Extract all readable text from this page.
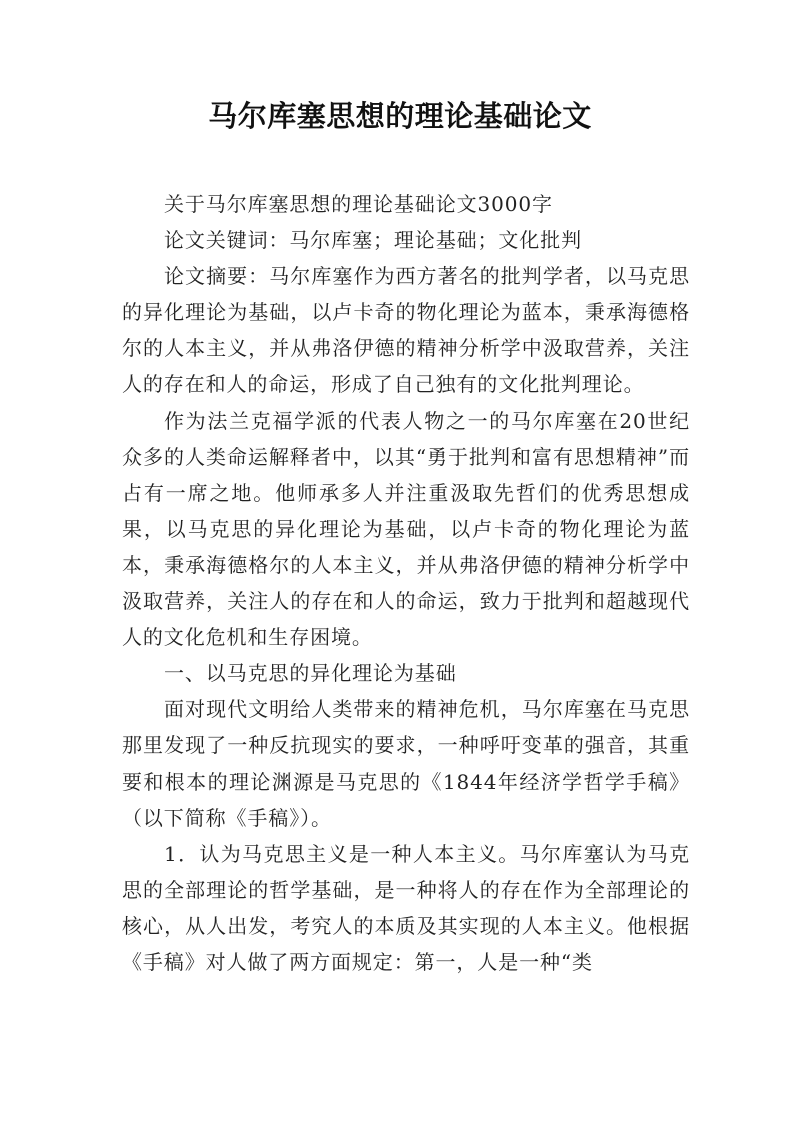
马尔库塞思想的理论基础论文

关于马尔库塞思想的理论基础论文3000字

论文关键词：马尔库塞；理论基础；文化批判

论文摘要：马尔库塞作为西方著名的批判学者，以马克思的异化理论为基础，以卢卡奇的物化理论为蓝本，秉承海德格尔的人本主义，并从弗洛伊德的精神分析学中汲取营养，关注人的存在和人的命运，形成了自己独有的文化批判理论。

作为法兰克福学派的代表人物之一的马尔库塞在20世纪众多的人类命运解释者中，以其“勇于批判和富有思想精神”而占有一席之地。他师承多人并注重汲取先哲们的优秀思想成果，以马克思的异化理论为基础，以卢卡奇的物化理论为蓝本，秉承海德格尔的人本主义，并从弗洛伊德的精神分析学中汲取营养，关注人的存在和人的命运，致力于批判和超越现代人的文化危机和生存困境。

一、以马克思的异化理论为基础

面对现代文明给人类带来的精神危机，马尔库塞在马克思那里发现了一种反抗现实的要求，一种呼吁变革的强音，其重要和根本的理论渊源是马克思的《1844年经济学哲学手稿》（以下简称《手稿》）。

1．认为马克思主义是一种人本主义。马尔库塞认为马克思的全部理论的哲学基础，是一种将人的存在作为全部理论的核心，从人出发，考究人的本质及其实现的人本主义。他根据《手稿》对人做了两方面规定：第一，人是一种“类
